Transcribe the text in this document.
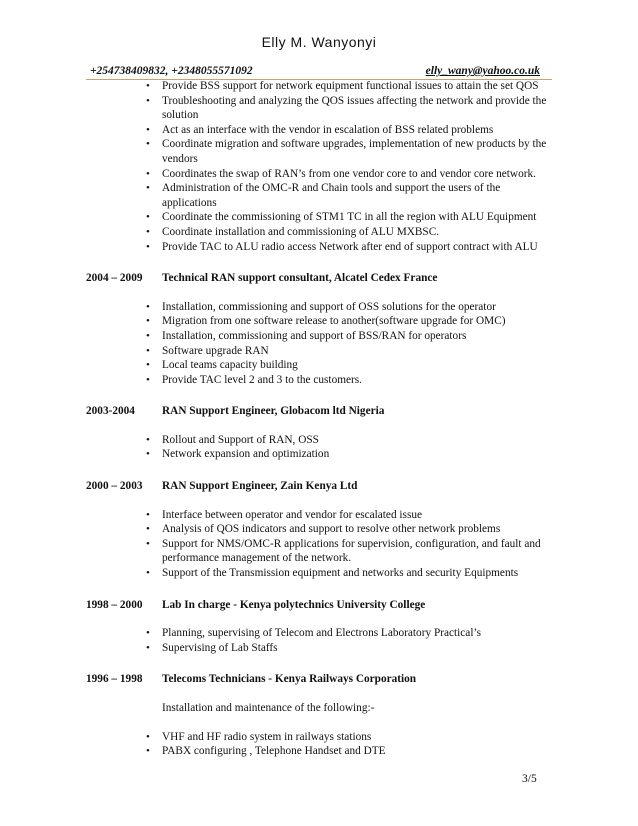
Elly M. Wanyonyi
+254738409832, +2348055571092	elly_wany@yahoo.co.uk
• Provide BSS support for network equipment functional issues to attain the set QOS
• Troubleshooting and analyzing the QOS issues affecting the network and provide the solution
• Act as an interface with the vendor in escalation of BSS related problems
• Coordinate migration and software upgrades, implementation of new products by the vendors
• Coordinates the swap of RAN’s from one vendor core to and vendor core network.
• Administration of the OMC-R and Chain tools and support the users of the applications
• Coordinate the commissioning of STM1 TC in all the region with ALU Equipment
• Coordinate installation and commissioning of ALU MXBSC.
• Provide TAC to ALU radio access Network after end of support contract with ALU
2004 – 2009	Technical RAN support consultant, Alcatel Cedex France
• Installation, commissioning and support of OSS solutions for the operator
• Migration from one software release to another(software upgrade for OMC)
• Installation, commissioning and support of BSS/RAN for operators
• Software upgrade RAN
• Local teams capacity building
• Provide TAC level 2 and 3 to the customers.
2003-2004	RAN Support Engineer, Globacom ltd Nigeria
• Rollout and Support of RAN, OSS
• Network expansion and optimization
2000 – 2003	RAN Support Engineer, Zain Kenya Ltd
• Interface between operator and vendor for escalated issue
• Analysis of QOS indicators and support to resolve other network problems
• Support for NMS/OMC-R applications for supervision, configuration, and fault and performance management of the network.
• Support of the Transmission equipment and networks and security Equipments
1998 – 2000	Lab In charge - Kenya polytechnics University College
• Planning, supervising of Telecom and Electrons Laboratory Practical’s
• Supervising of Lab Staffs
1996 – 1998	Telecoms Technicians - Kenya Railways Corporation
Installation and maintenance of the following:-
• VHF and HF radio system in railways stations
• PABX configuring , Telephone Handset and DTE
3/5
